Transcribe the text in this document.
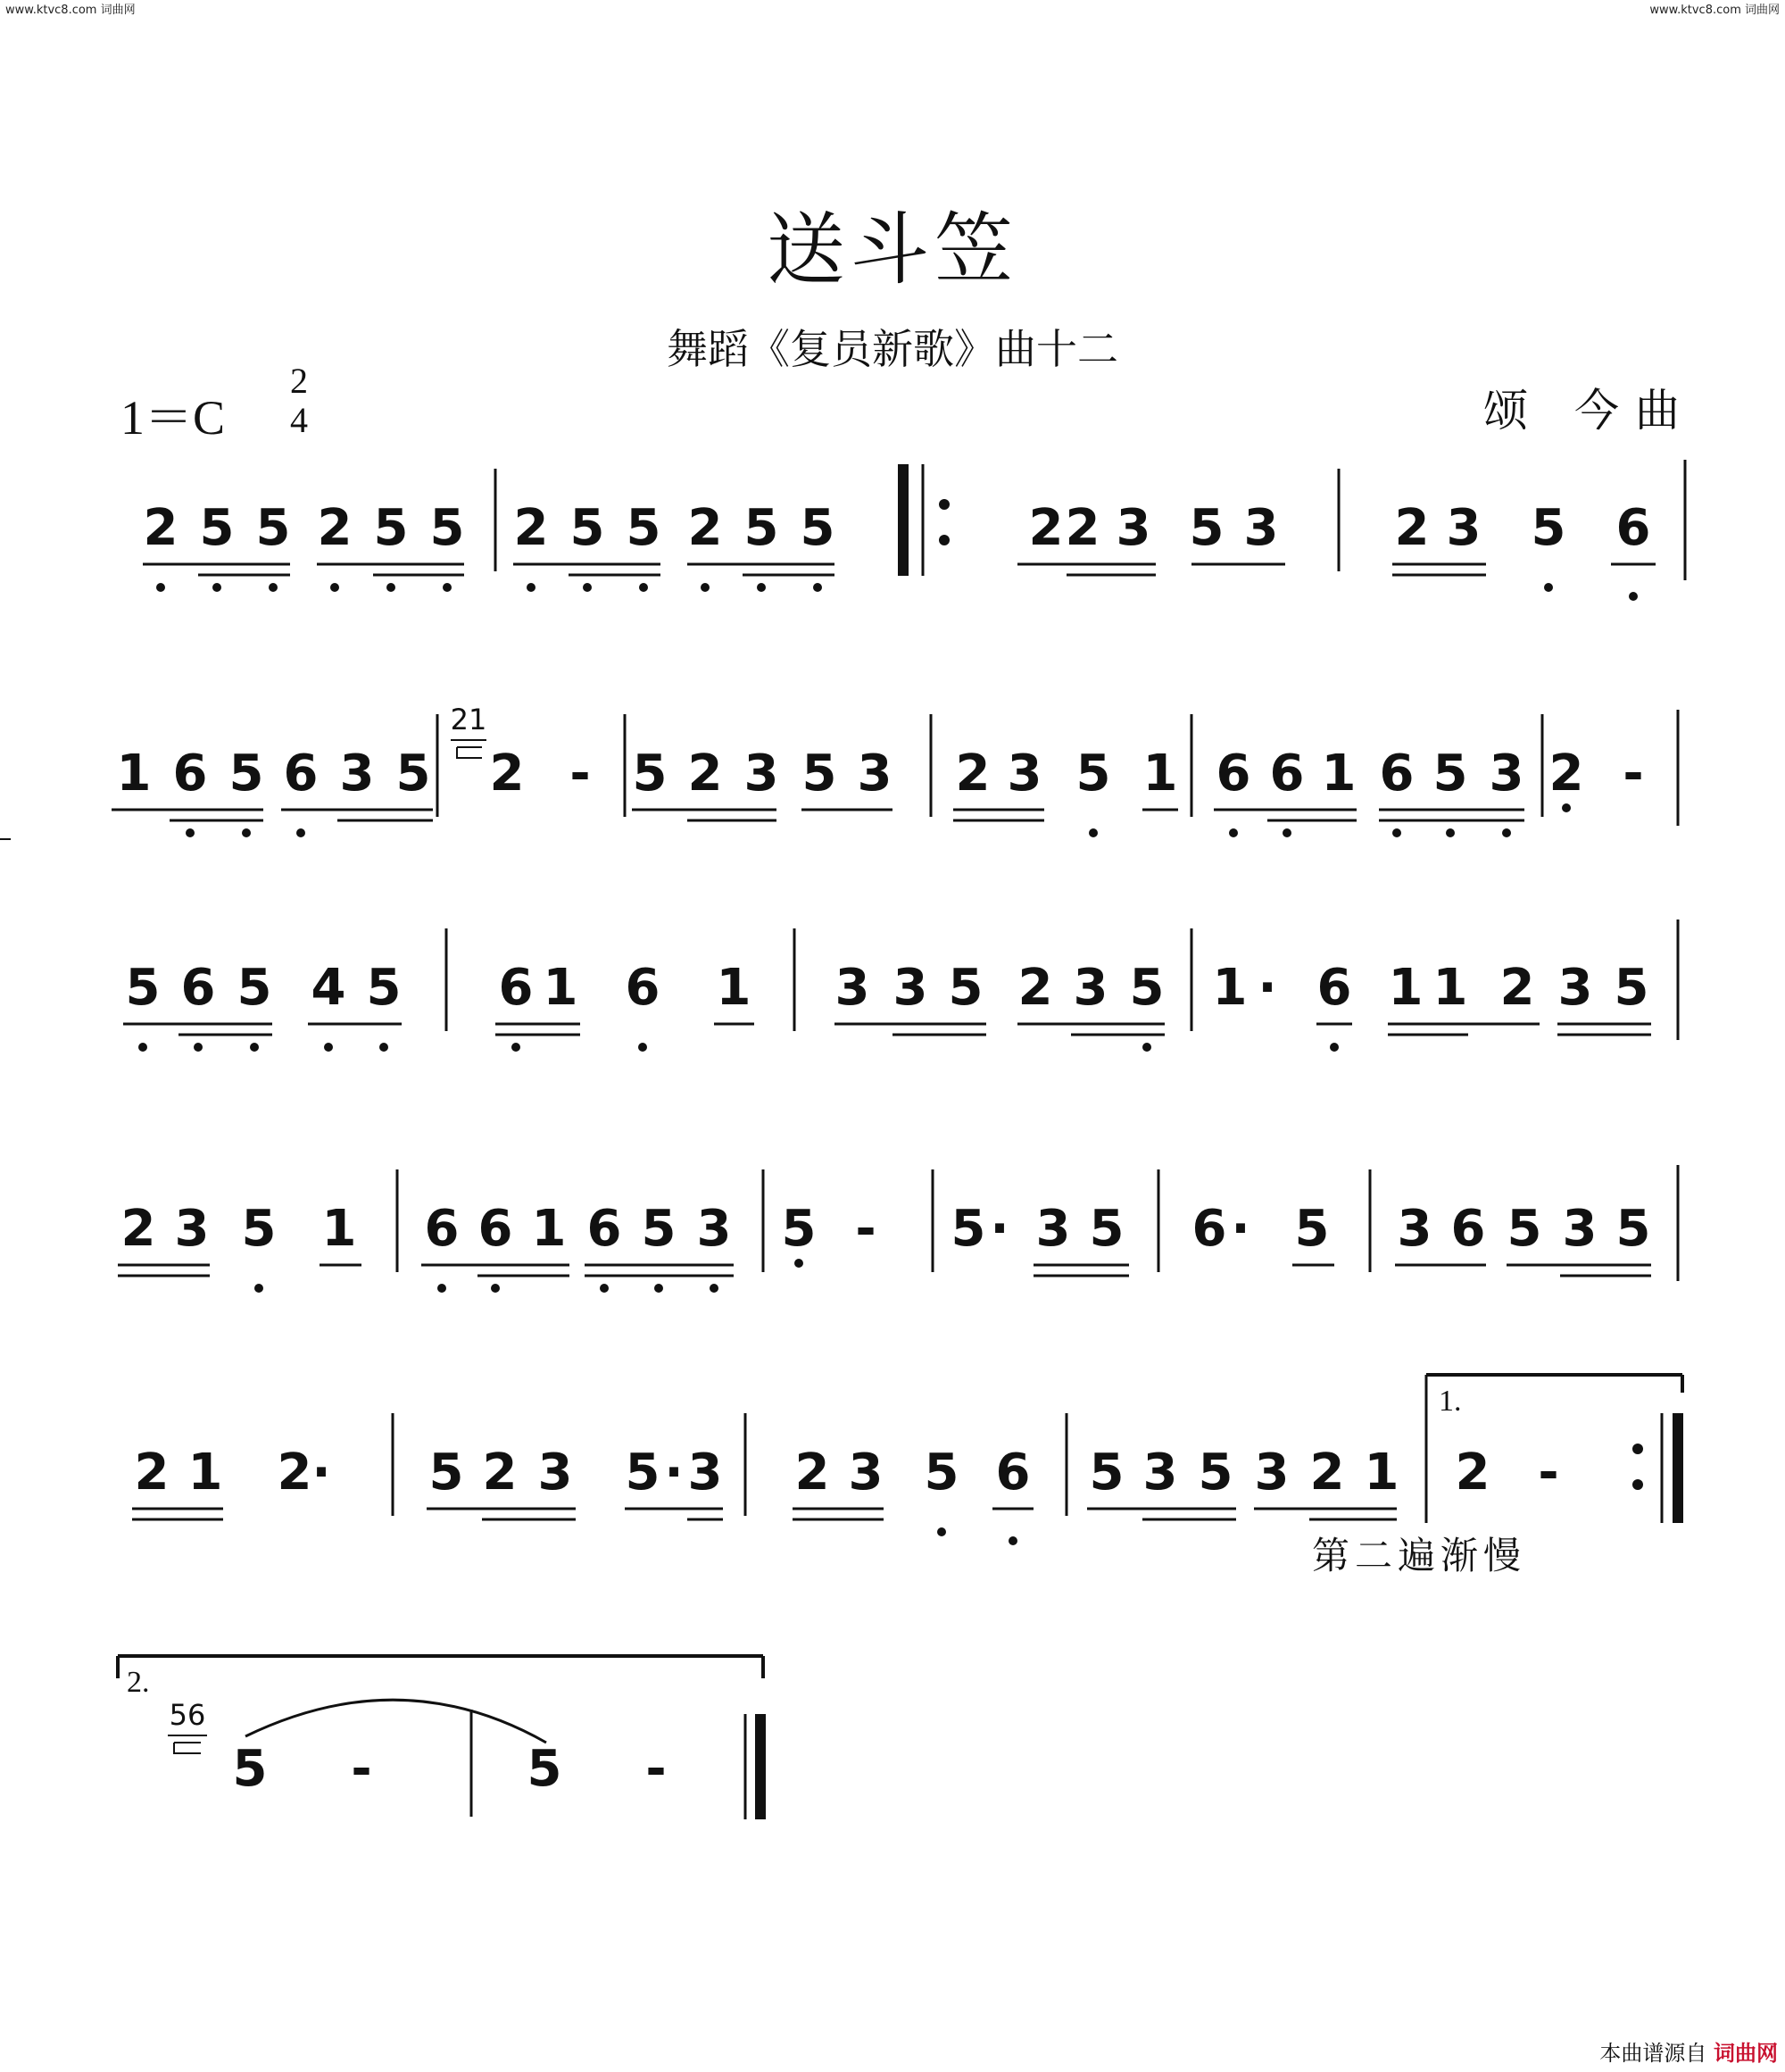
www.ktvc8.com 词曲网	www.ktvc8.com 词曲网
送斗笠
舞蹈《复员新歌》曲十二
1＝C
2
4	颂 今曲
2 5 5 2 5 5 2 5 5 2 5 5	2 2 3 5 3 2 3 5 6
1 6 5 6 3 5
21
2 - 5 2 3 5 3 2 3 5 1 6 6 1 6 5 3 2 -
5 6 5 4 5 6 1 6 1 3 3 5 2 3 5 1 · 6 1 1 2 3 5
2 3 5 1 6 6 1 6 5 3 5 - 5 · 3 5 6 · 5 3 6 5 3 5
2 1 2 · 5 2 3 5 · 3 2 3 5 6 5 3 5 3 2 1
1.
2 -
2.
56
5 -	5 -
第二遍渐慢
本曲谱源自 词曲网
